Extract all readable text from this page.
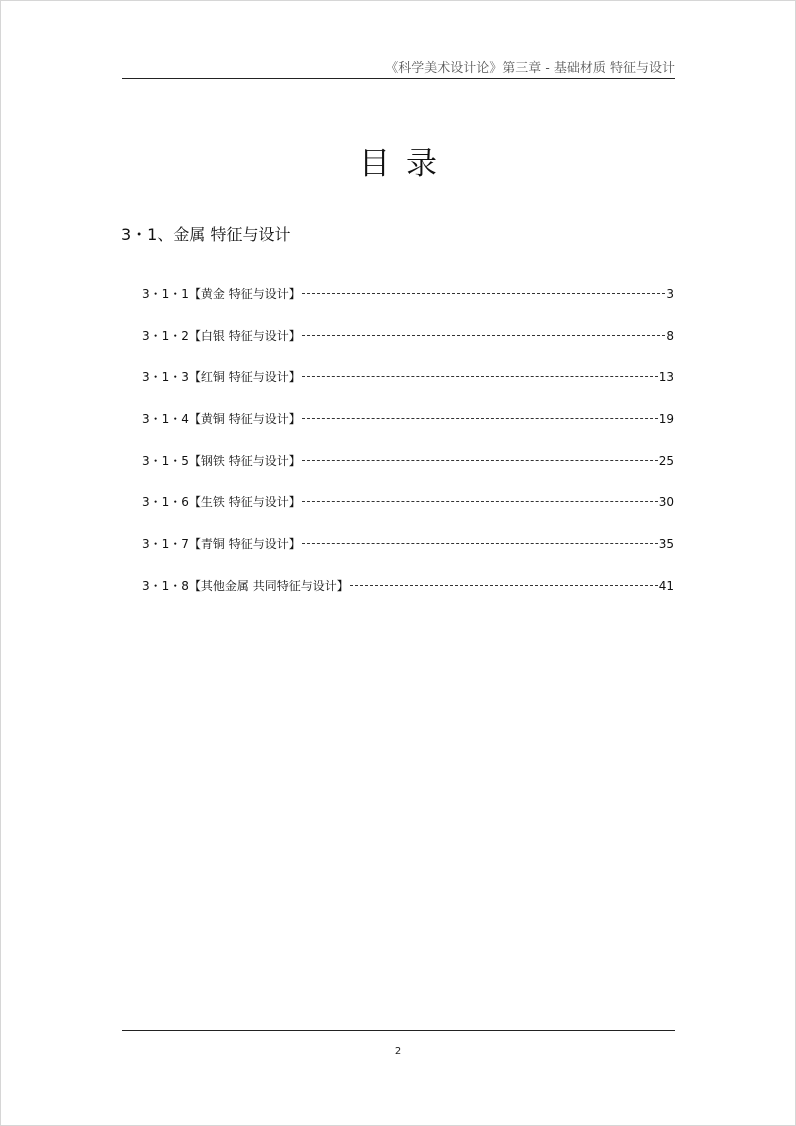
《科学美术设计论》第三章 - 基础材质 特征与设计
目录
3・1、金属 特征与设计
3・1・1【黄金 特征与设计】	3
3・1・2【白银 特征与设计】	8
3・1・3【红铜 特征与设计】	13
3・1・4【黄铜 特征与设计】	19
3・1・5【钢铁 特征与设计】	25
3・1・6【生铁 特征与设计】	30
3・1・7【青铜 特征与设计】	35
3・1・8【其他金属 共同特征与设计】	41
2
